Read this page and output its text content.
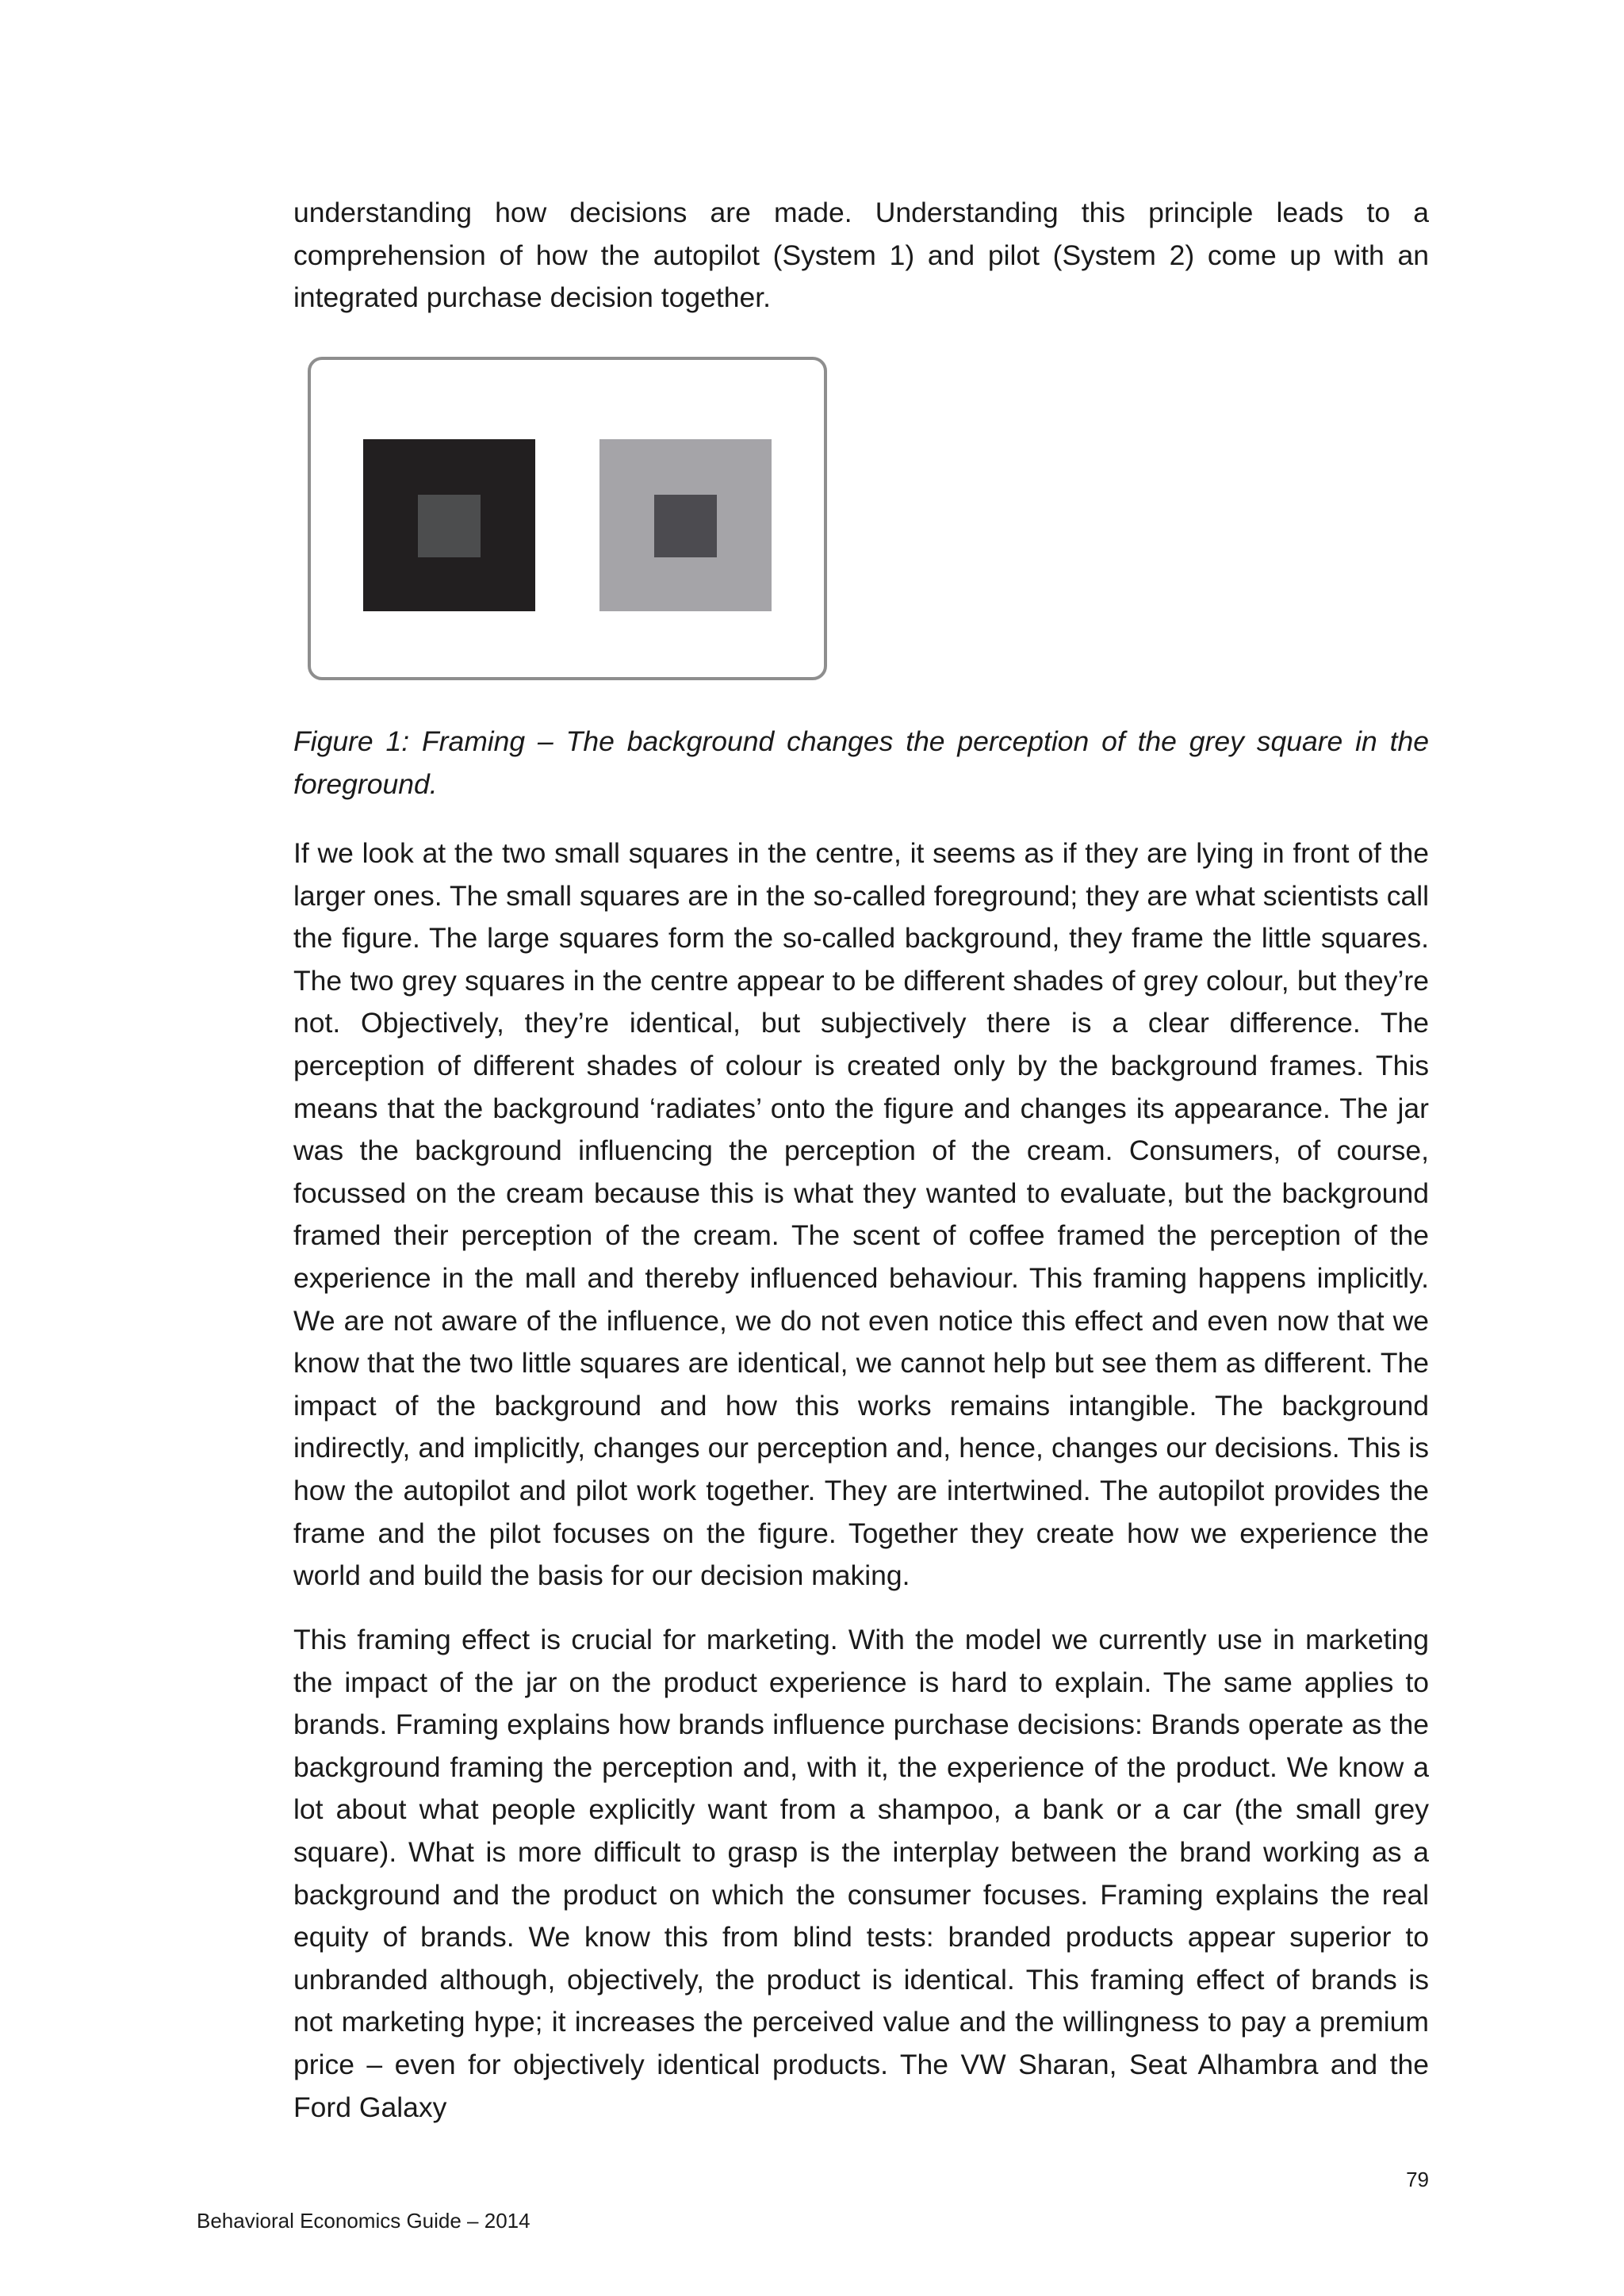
understanding how decisions are made. Understanding this principle leads to a comprehension of how the autopilot (System 1) and pilot (System 2) come up with an integrated purchase decision together.

Figure 1: Framing – The background changes the perception of the grey square in the foreground.

If we look at the two small squares in the centre, it seems as if they are lying in front of the larger ones. The small squares are in the so-called foreground; they are what scientists call the figure. The large squares form the so-called background, they frame the little squares. The two grey squares in the centre appear to be different shades of grey colour, but they’re not. Objectively, they’re identical, but subjectively there is a clear difference. The perception of different shades of colour is created only by the background frames. This means that the background ‘radiates’ onto the figure and changes its appearance. The jar was the background influencing the perception of the cream. Consumers, of course, focussed on the cream because this is what they wanted to evaluate, but the background framed their perception of the cream. The scent of coffee framed the perception of the experience in the mall and thereby influenced behaviour. This framing happens implicitly. We are not aware of the influence, we do not even notice this effect and even now that we know that the two little squares are identical, we cannot help but see them as different. The impact of the background and how this works remains intangible. The background indirectly, and implicitly, changes our perception and, hence, changes our decisions. This is how the autopilot and pilot work together. They are intertwined. The autopilot provides the frame and the pilot focuses on the figure. Together they create how we experience the world and build the basis for our decision making.

This framing effect is crucial for marketing. With the model we currently use in marketing the impact of the jar on the product experience is hard to explain. The same applies to brands. Framing explains how brands influence purchase decisions: Brands operate as the background framing the perception and, with it, the experience of the product. We know a lot about what people explicitly want from a shampoo, a bank or a car (the small grey square). What is more difficult to grasp is the interplay between the brand working as a background and the product on which the consumer focuses. Framing explains the real equity of brands. We know this from blind tests: branded products appear superior to unbranded although, objectively, the product is identical. This framing effect of brands is not marketing hype; it increases the perceived value and the willingness to pay a premium price – even for objectively identical products. The VW Sharan, Seat Alhambra and the Ford Galaxy

79

Behavioral Economics Guide – 2014
